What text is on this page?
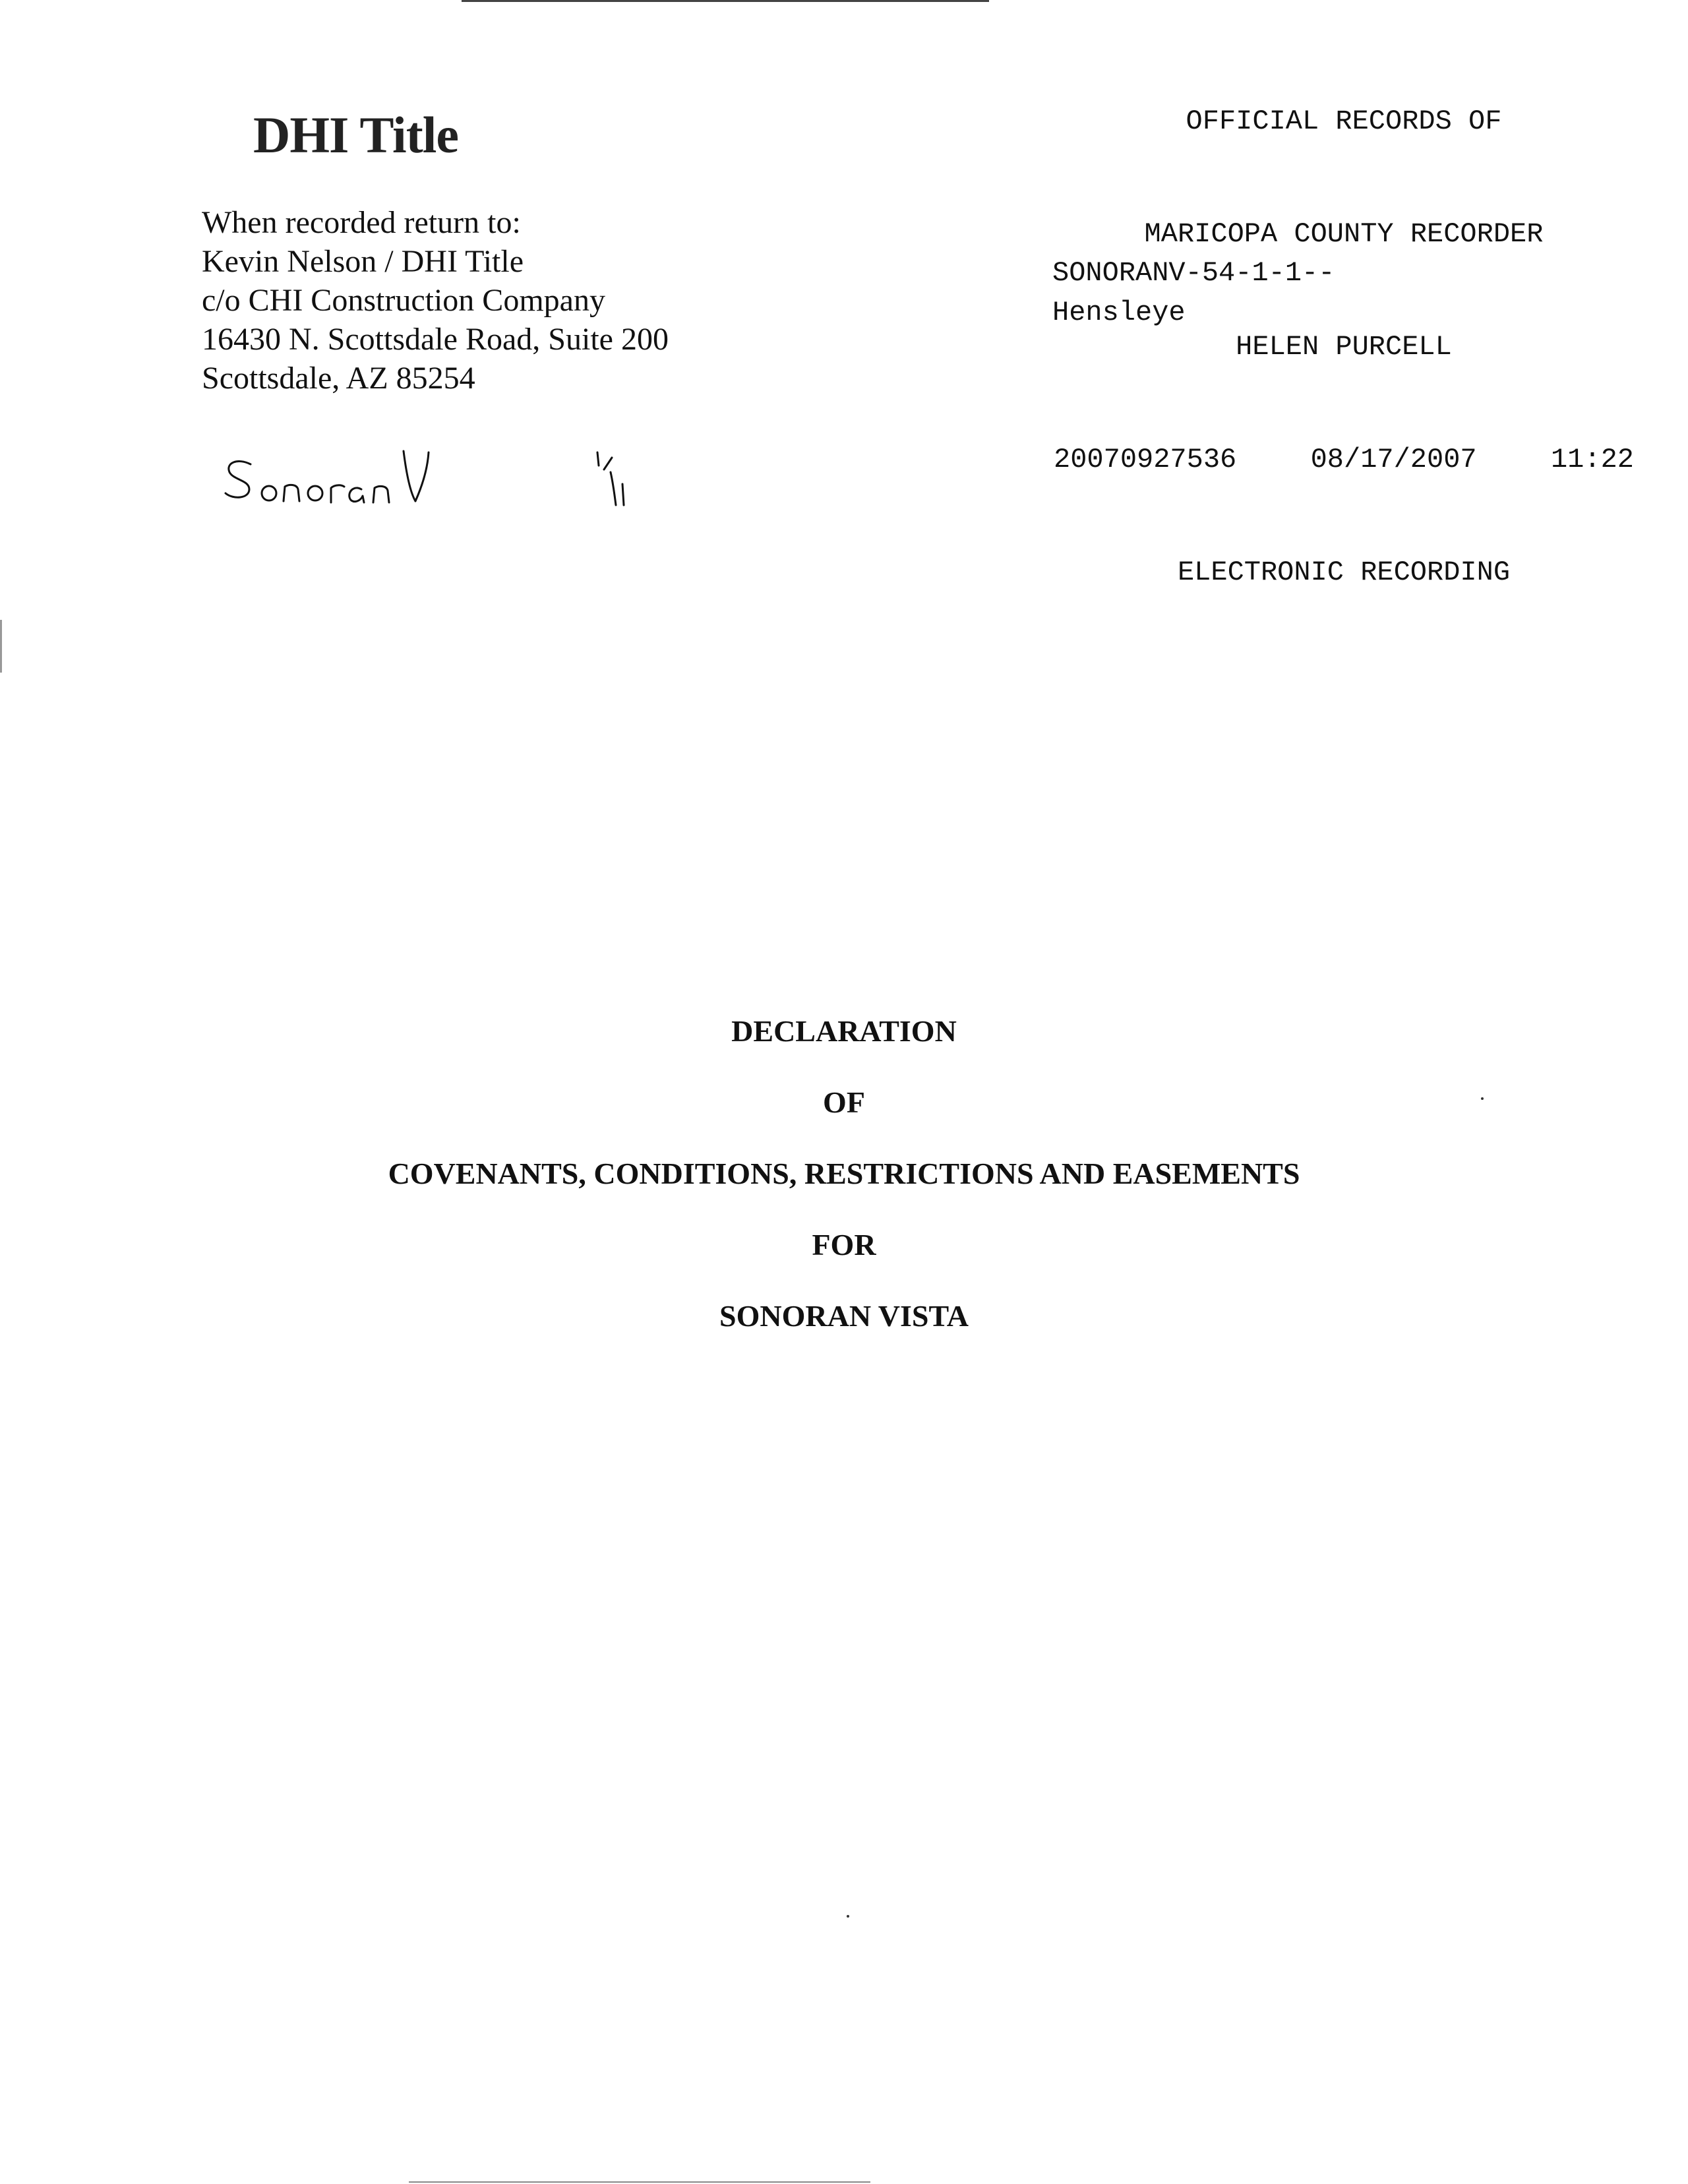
DHI Title
When recorded return to:
Kevin Nelson / DHI Title
c/o CHI Construction Company
16430 N. Scottsdale Road, Suite 200
Scottsdale, AZ 85254

OFFICIAL RECORDS OF

MARICOPA COUNTY RECORDER

HELEN PURCELL

20070927536	08/17/2007	11:22

ELECTRONIC RECORDING

SONORANV-54-1-1--
Hensleye
DECLARATION
OF
COVENANTS, CONDITIONS, RESTRICTIONS AND EASEMENTS
FOR
SONORAN VISTA
